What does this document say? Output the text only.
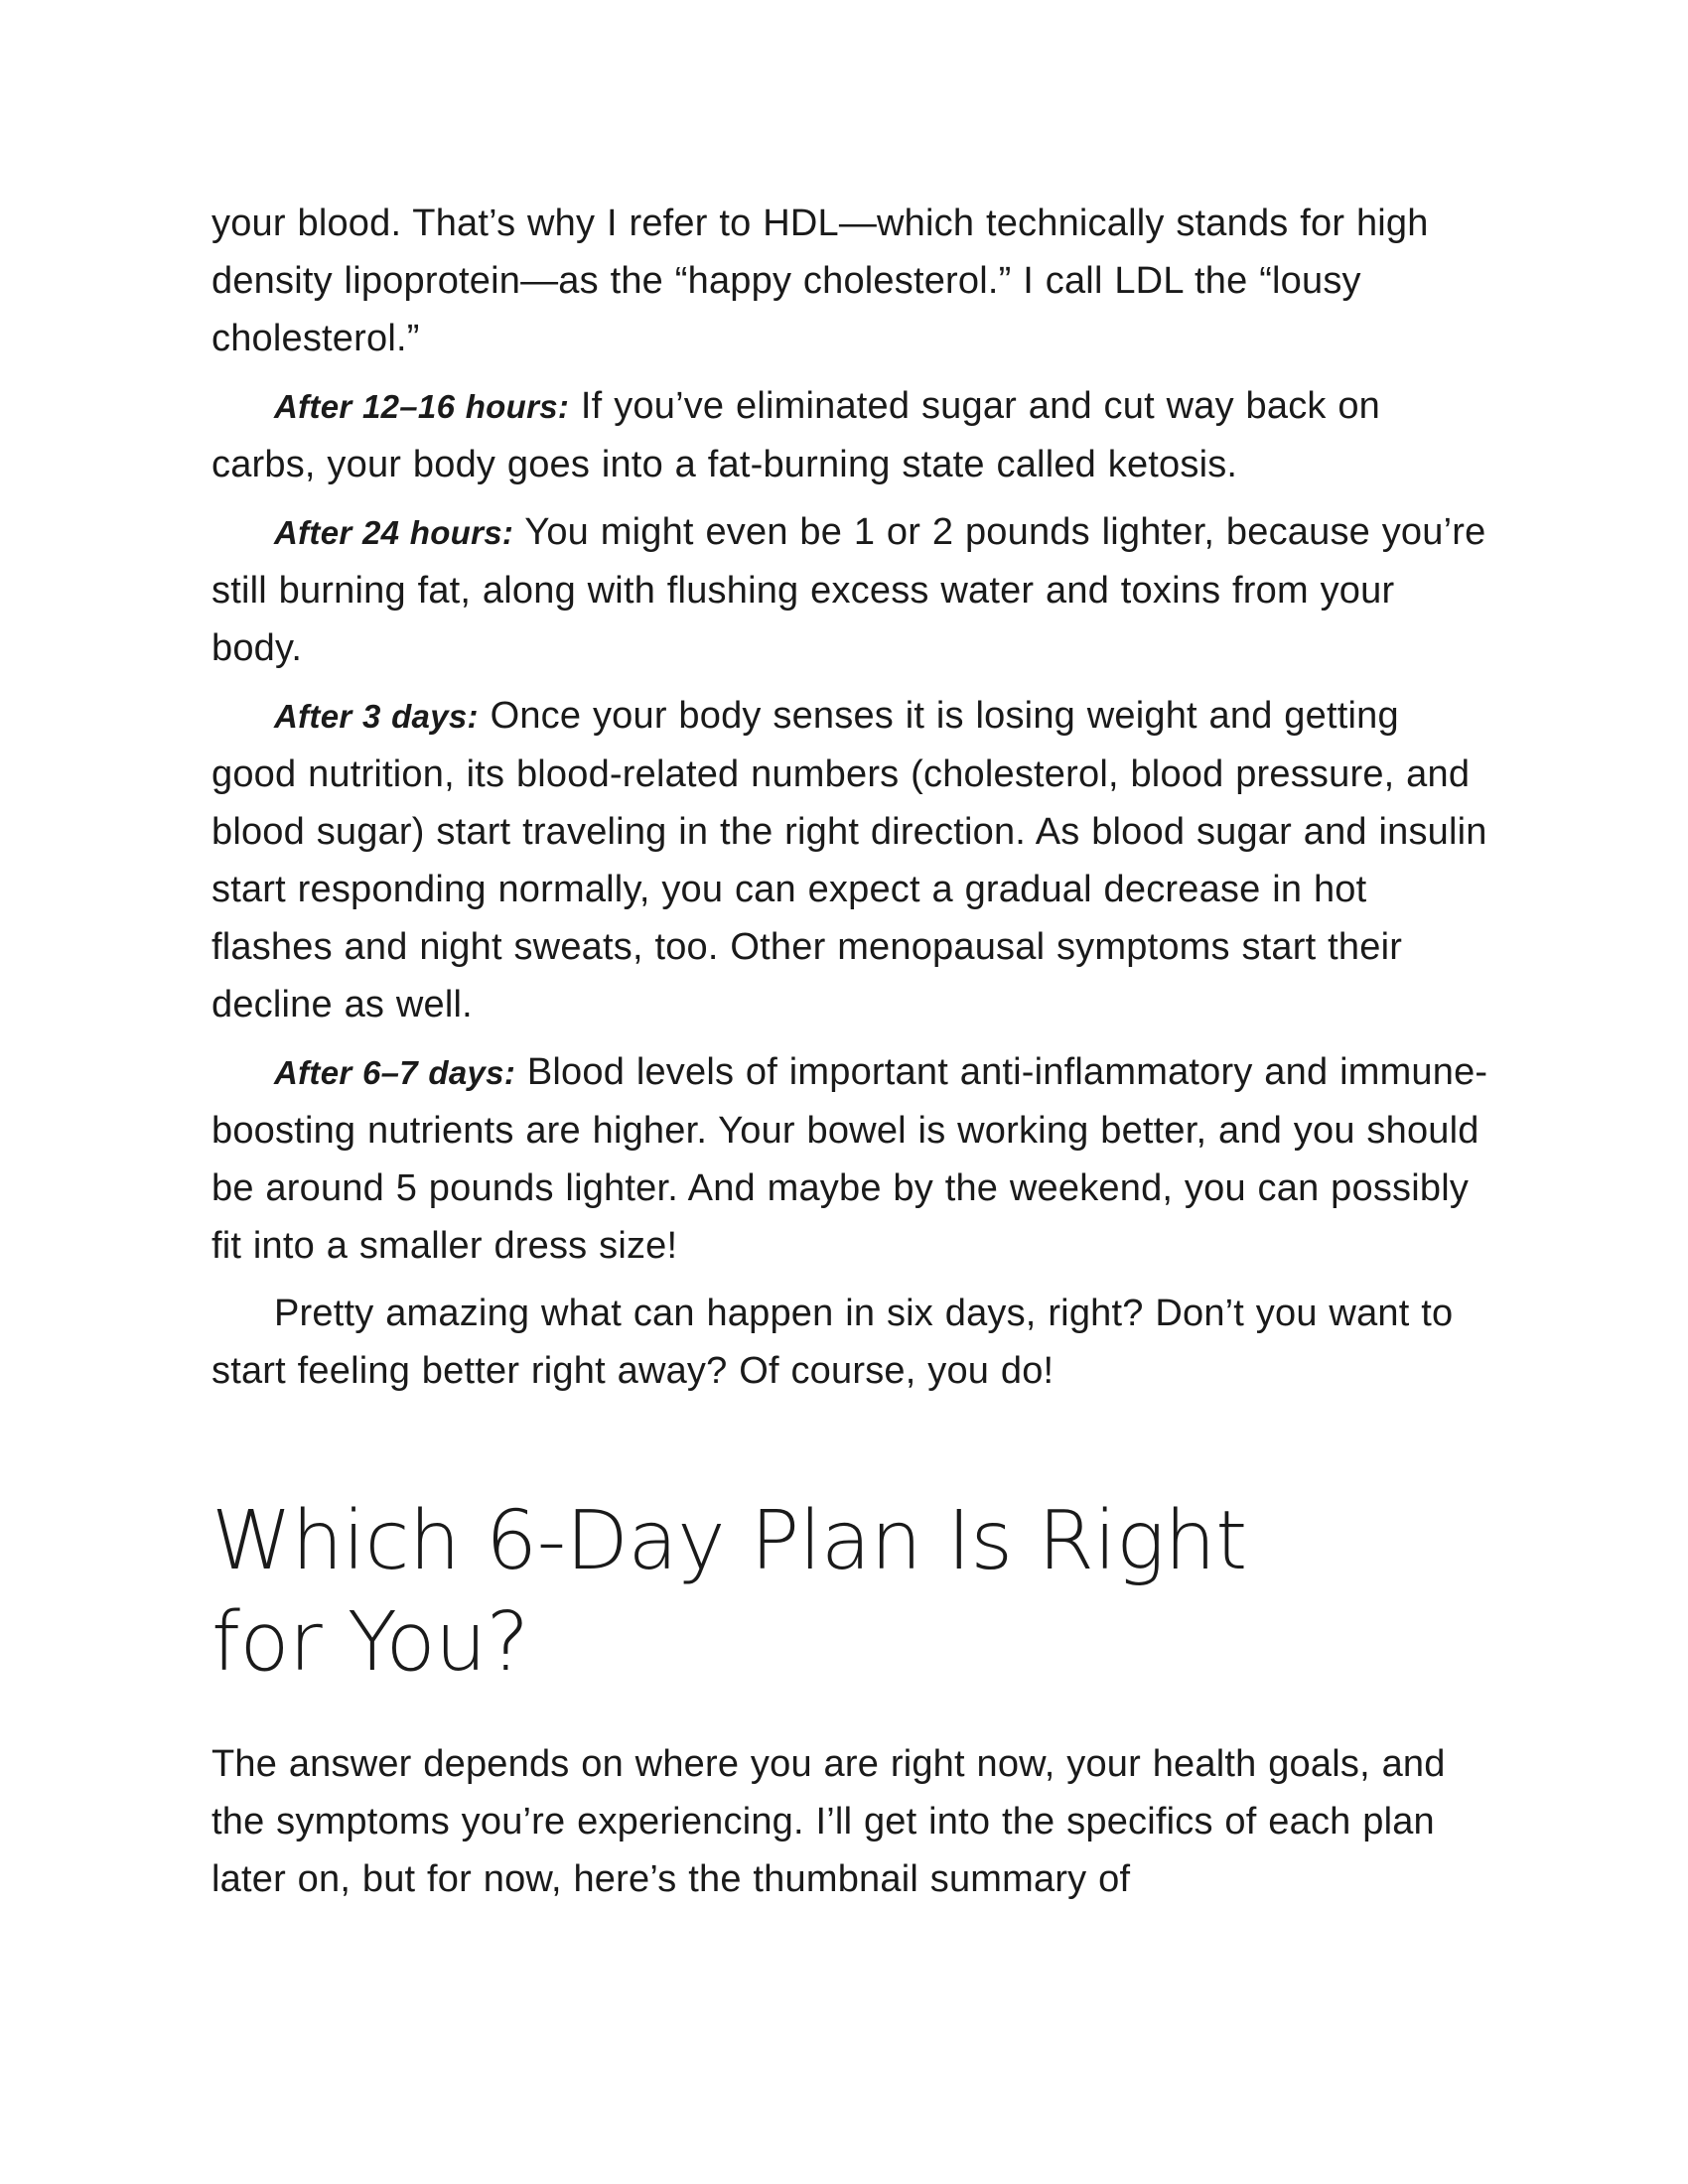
your blood. That’s why I refer to HDL—which technically stands for high density lipoprotein—as the “happy cholesterol.” I call LDL the “lousy cholesterol.”

After 12–16 hours: If you’ve eliminated sugar and cut way back on carbs, your body goes into a fat-burning state called ketosis.

After 24 hours: You might even be 1 or 2 pounds lighter, because you’re still burning fat, along with flushing excess water and toxins from your body.

After 3 days: Once your body senses it is losing weight and getting good nutrition, its blood-related numbers (cholesterol, blood pressure, and blood sugar) start traveling in the right direction. As blood sugar and insulin start responding normally, you can expect a gradual decrease in hot flashes and night sweats, too. Other menopausal symptoms start their decline as well.

After 6–7 days: Blood levels of important anti-inflammatory and immune-boosting nutrients are higher. Your bowel is working better, and you should be around 5 pounds lighter. And maybe by the weekend, you can possibly fit into a smaller dress size!

Pretty amazing what can happen in six days, right? Don’t you want to start feeling better right away? Of course, you do!

Which 6-Day Plan Is Right for You?

The answer depends on where you are right now, your health goals, and the symptoms you’re experiencing. I’ll get into the specifics of each plan later on, but for now, here’s the thumbnail summary of
